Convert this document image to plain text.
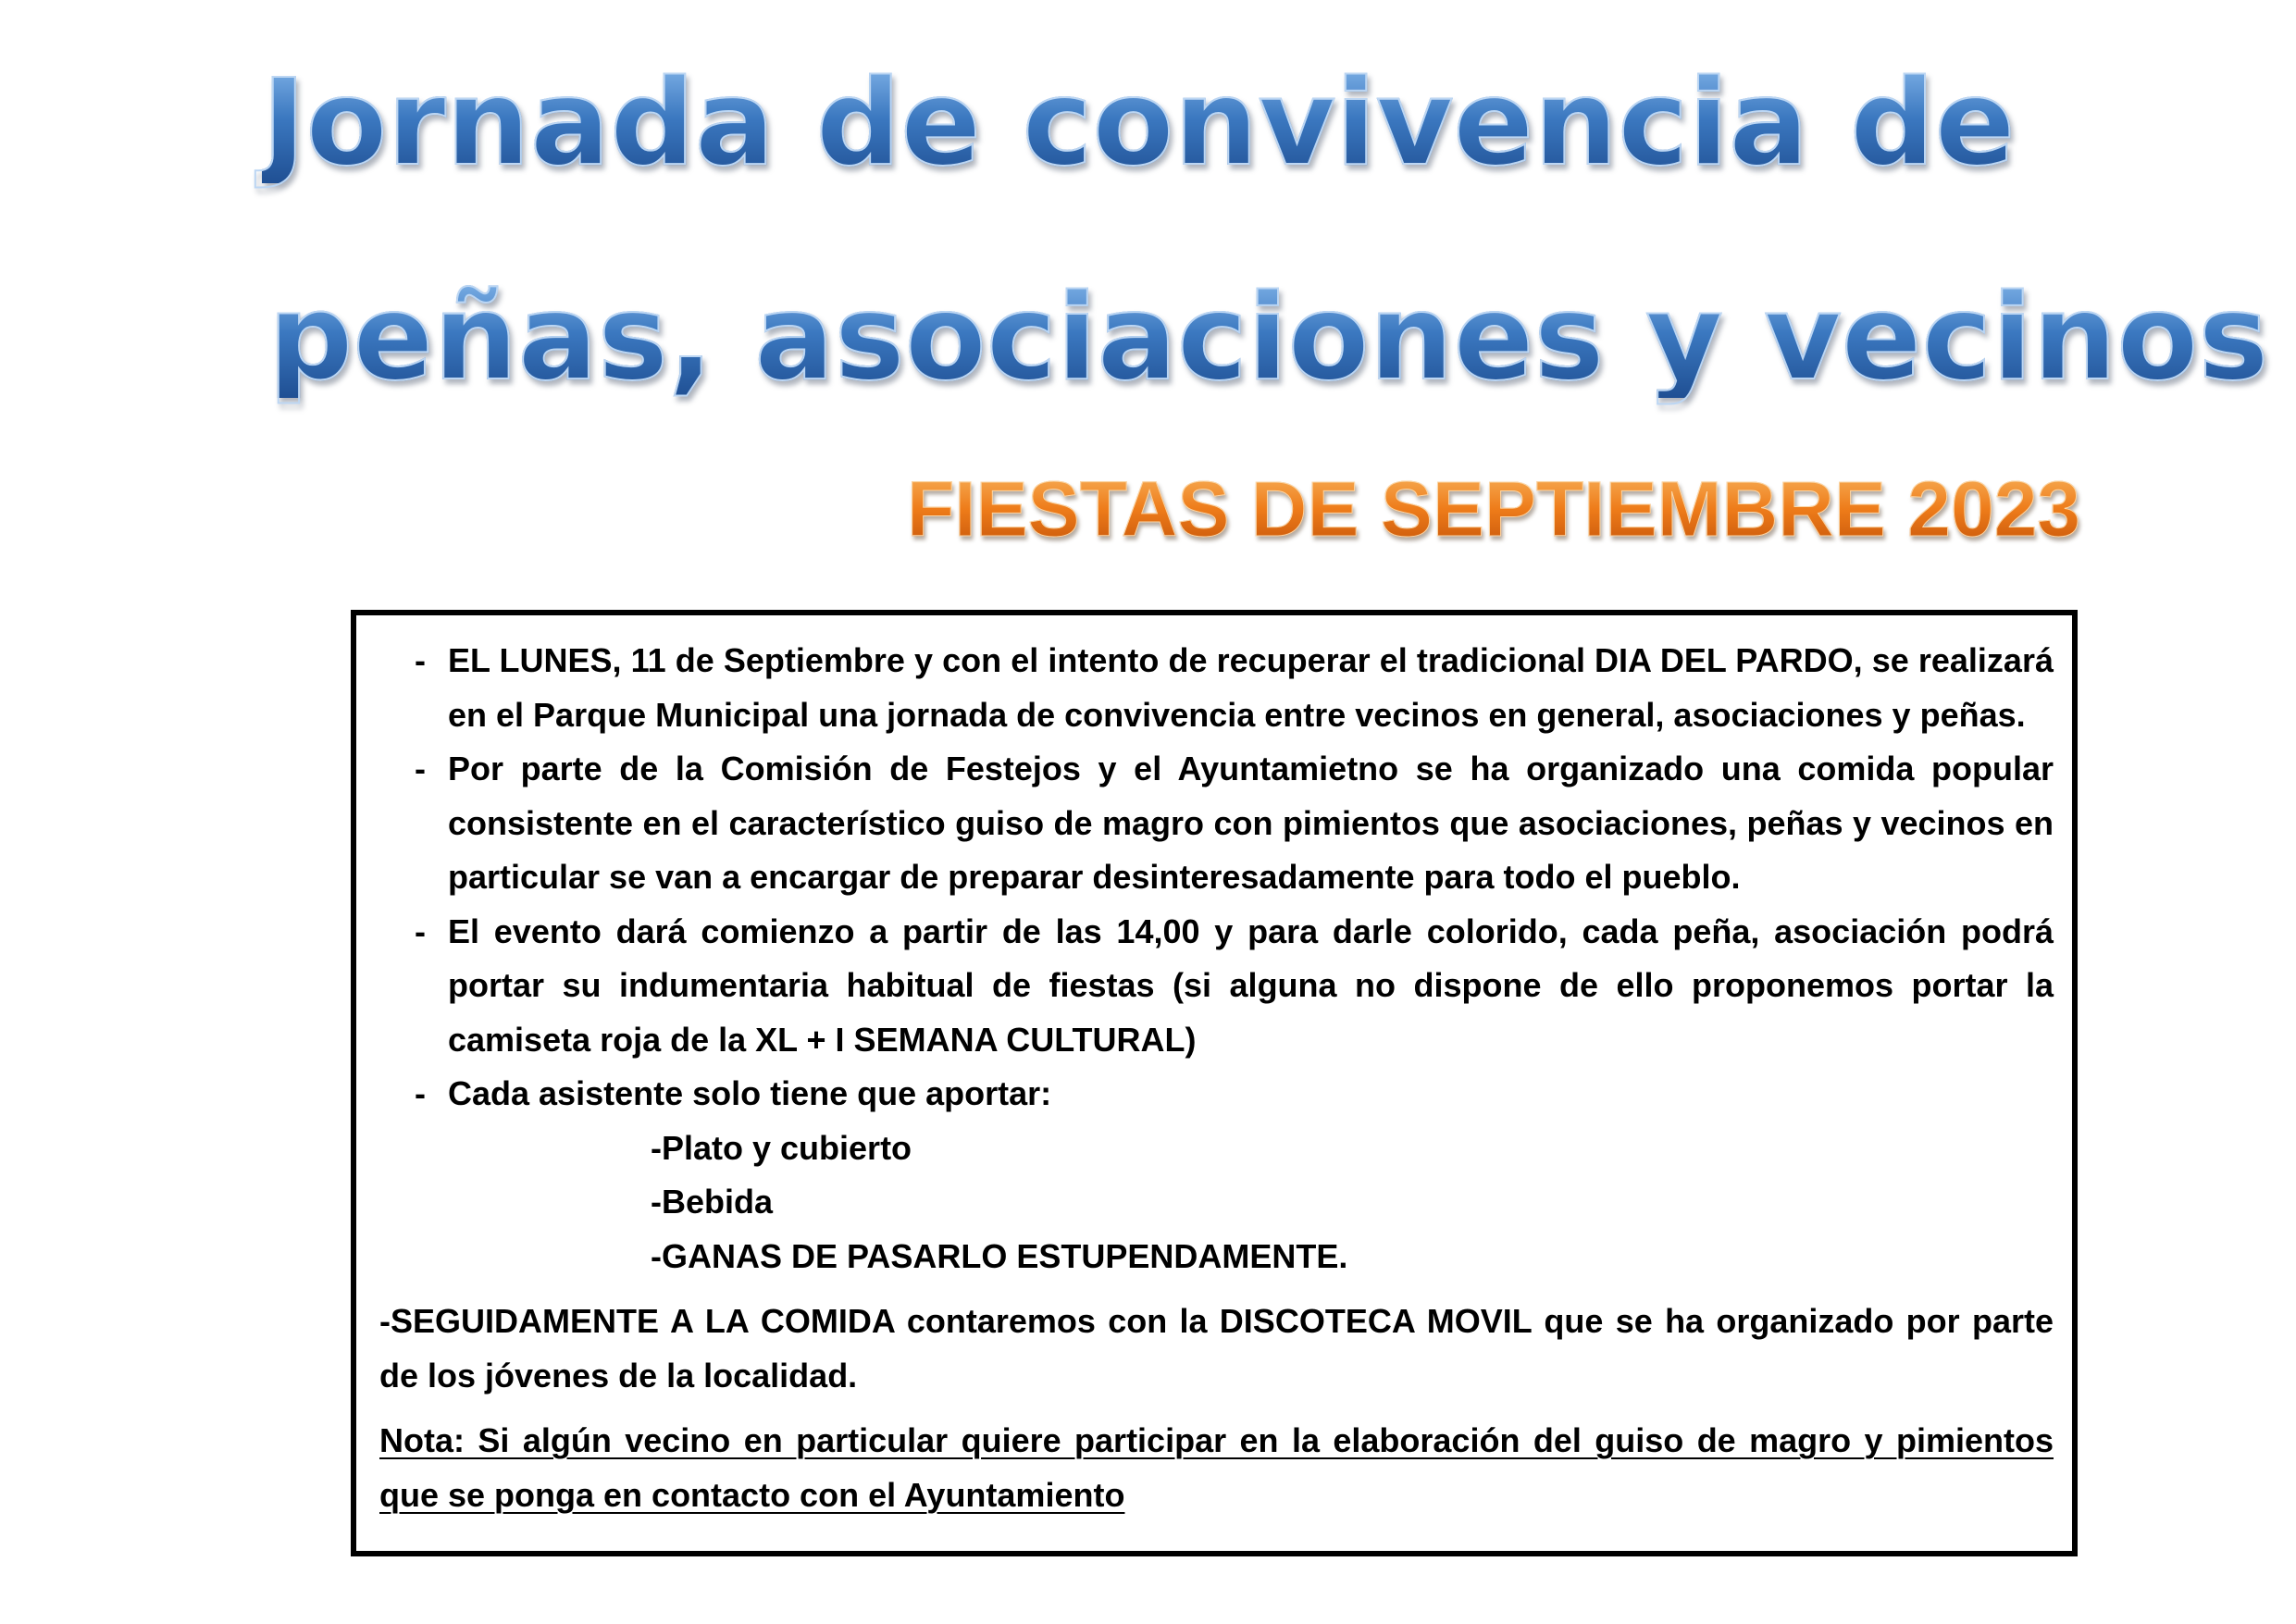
Jornada de convivencia de
peñas, asociaciones y vecinos
FIESTAS DE SEPTIEMBRE 2023
- EL LUNES, 11 de Septiembre y con el intento de recuperar el tradicional DIA DEL PARDO, se realizará en el Parque Municipal una jornada de convivencia entre vecinos en general, asociaciones y peñas.
- Por parte de la Comisión de Festejos y el Ayuntamietno se ha organizado una comida popular consistente en el característico guiso de magro con pimientos que asociaciones, peñas y vecinos en particular se van a encargar de preparar desinteresadamente para todo el pueblo.
- El evento dará comienzo a partir de las 14,00 y para darle colorido, cada peña, asociación podrá portar su indumentaria habitual de fiestas (si alguna no dispone de ello proponemos portar la camiseta roja de la XL + I SEMANA CULTURAL)
- Cada asistente solo tiene que aportar:

-Plato y cubierto

-Bebida

-GANAS DE PASARLO ESTUPENDAMENTE.

-SEGUIDAMENTE A LA COMIDA contaremos con la DISCOTECA MOVIL que se ha organizado por parte de los jóvenes de la localidad.

Nota: Si algún vecino en particular quiere participar en la elaboración del guiso de magro y pimientos que se ponga en contacto con el Ayuntamiento
